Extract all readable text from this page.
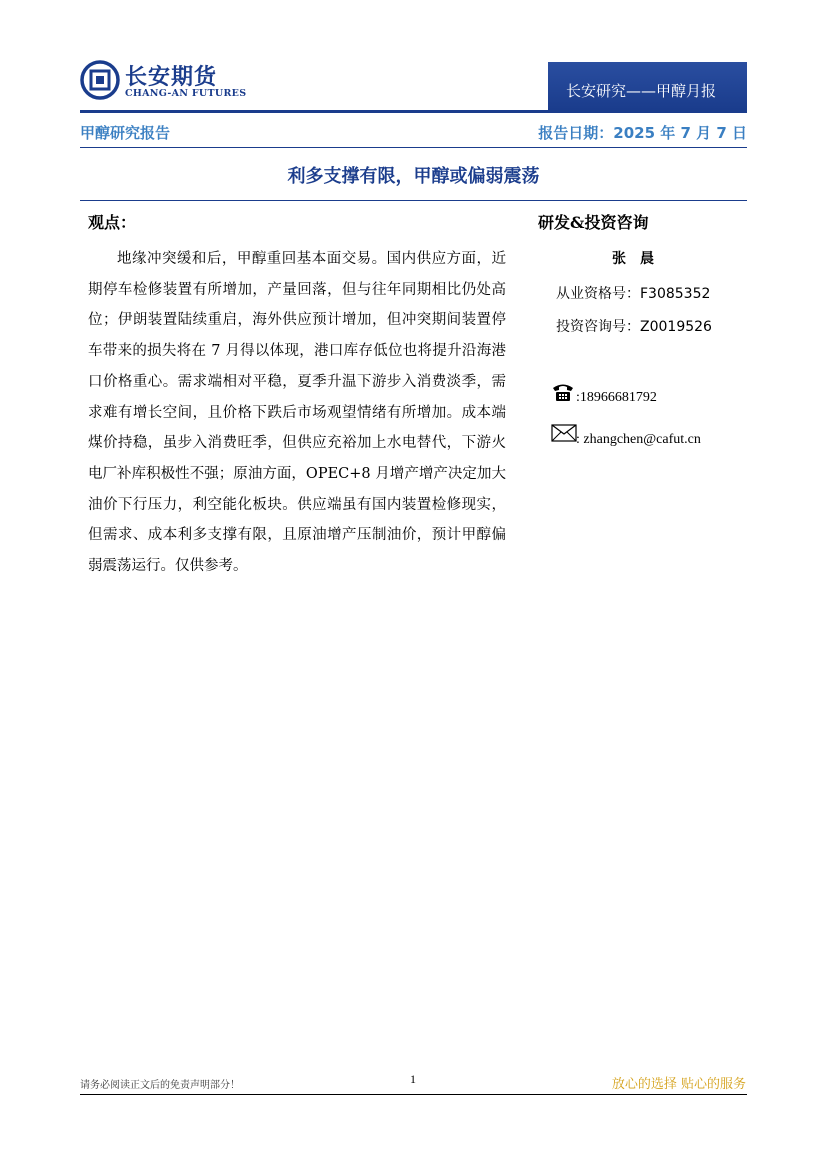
长安期货
CHANG-AN FUTURES	长安研究——甲醇月报
甲醇研究报告	报告日期：2025 年 7 月 7 日
利多支撑有限，甲醇或偏弱震荡
观点：

地缘冲突缓和后，甲醇重回基本面交易。国内供应方面，近期停车检修装置有所增加，产量回落，但与往年同期相比仍处高位；伊朗装置陆续重启，海外供应预计增加，但冲突期间装置停车带来的损失将在 7 月得以体现，港口库存低位也将提升沿海港口价格重心。需求端相对平稳，夏季升温下游步入消费淡季，需求难有增长空间，且价格下跌后市场观望情绪有所增加。成本端煤价持稳，虽步入消费旺季，但供应充裕加上水电替代，下游火电厂补库积极性不强；原油方面，OPEC+8 月增产增产决定加大油价下行压力，利空能化板块。供应端虽有国内装置检修现实，但需求、成本利多支撑有限，且原油增产压制油价，预计甲醇偏弱震荡运行。仅供参考。

研发&投资咨询
张晨
从业资格号：F3085352
投资咨询号：Z0019526
:18966681792
: zhangchen@cafut.cn
请务必阅读正文后的免责声明部分！	1	放心的选择 贴心的服务
